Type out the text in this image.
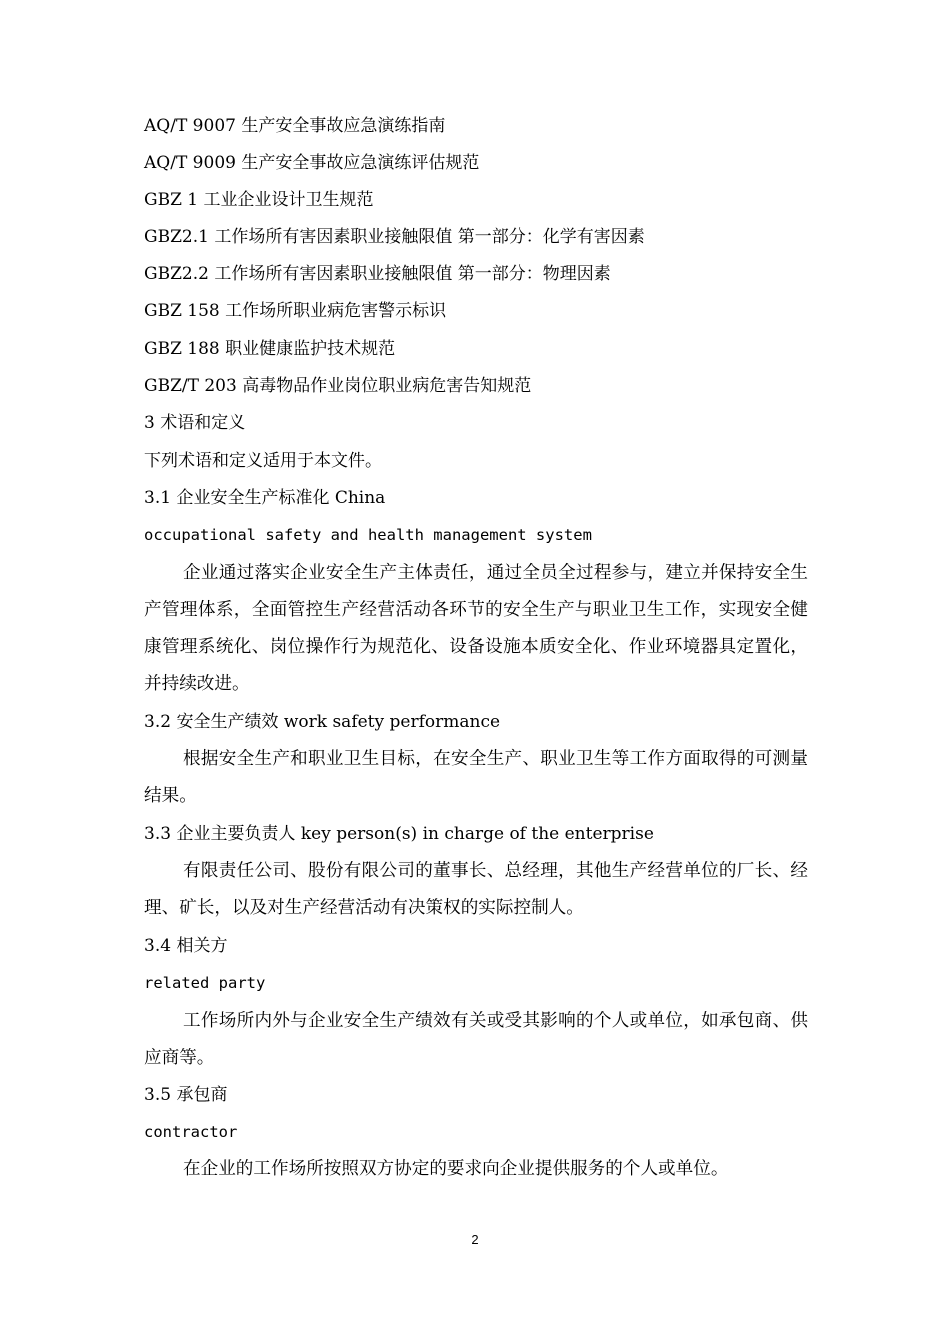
AQ/T 9007 生产安全事故应急演练指南
AQ/T 9009 生产安全事故应急演练评估规范
GBZ 1 工业企业设计卫生规范
GBZ2.1 工作场所有害因素职业接触限值 第一部分：化学有害因素
GBZ2.2 工作场所有害因素职业接触限值 第一部分：物理因素
GBZ 158 工作场所职业病危害警示标识
GBZ 188 职业健康监护技术规范
GBZ/T 203 高毒物品作业岗位职业病危害告知规范
3 术语和定义
下列术语和定义适用于本文件。
3.1 企业安全生产标准化 China
occupational safety and health management system
企业通过落实企业安全生产主体责任，通过全员全过程参与，建立并保持安全生产管理体系，全面管控生产经营活动各环节的安全生产与职业卫生工作，实现安全健康管理系统化、岗位操作行为规范化、设备设施本质安全化、作业环境器具定置化，并持续改进。
3.2 安全生产绩效 work safety performance
根据安全生产和职业卫生目标，在安全生产、职业卫生等工作方面取得的可测量结果。
3.3 企业主要负责人 key person(s) in charge of the enterprise
有限责任公司、股份有限公司的董事长、总经理，其他生产经营单位的厂长、经理、矿长，以及对生产经营活动有决策权的实际控制人。
3.4 相关方
related party
工作场所内外与企业安全生产绩效有关或受其影响的个人或单位，如承包商、供应商等。
3.5 承包商
contractor
在企业的工作场所按照双方协定的要求向企业提供服务的个人或单位。
2
